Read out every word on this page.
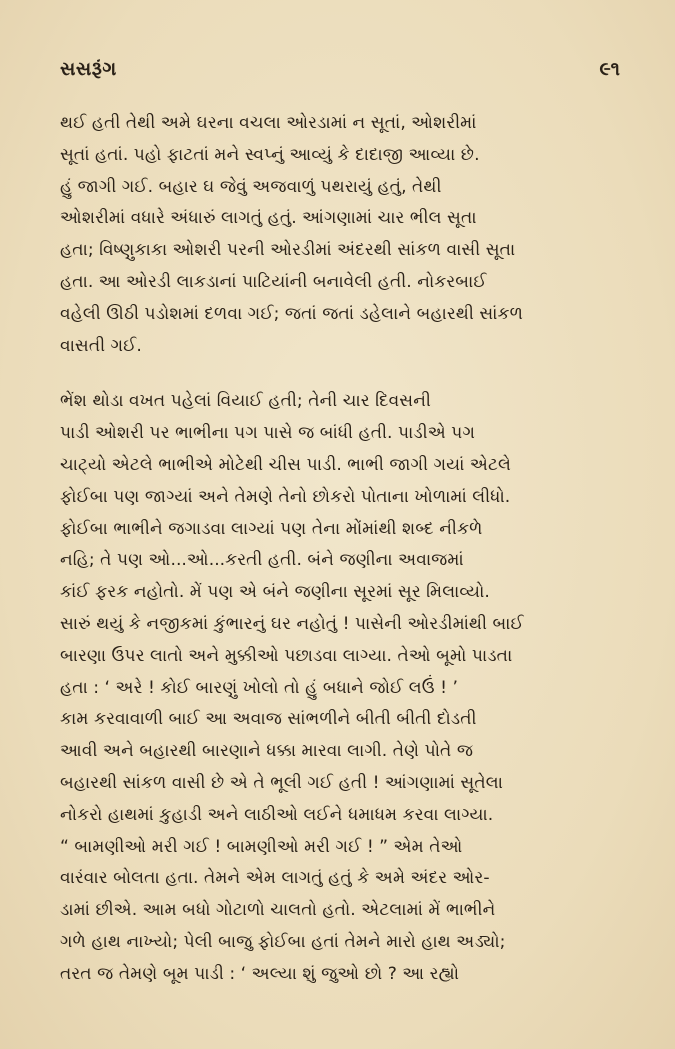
સસરૂંગ	૯૧
થઈ હતી તેથી અમે ઘરના વચલા ઓરડામાં ન સૂતાં, ઓશરીમાં
સૂતાં હતાં. પહો ફાટતાં મને સ્વપ્નું આવ્યું કે દાદાજી આવ્યા છે.
હું જાગી ગઈ. બહાર ઘ જેવું અજવાળું પથરાયું હતું, તેથી
ઓશરીમાં વધારે અંધારું લાગતું હતું. આંગણામાં ચાર ભીલ સૂતા
હતા; વિષ્ણુકાકા ઓશરી પરની ઓરડીમાં અંદરથી સાંકળ વાસી સૂતા
હતા. આ ઓરડી લાકડાનાં પાટિયાંની બનાવેલી હતી. નોકરબાઈ
વહેલી ઊઠી પડોશમાં દળવા ગઈ; જતાં જતાં ડહેલાને બહારથી સાંકળ
વાસતી ગઈ.
ભેંશ થોડા વખત પહેલાં વિયાઈ હતી; તેની ચાર દિવસની
પાડી ઓશરી પર ભાભીના પગ પાસે જ બાંધી હતી. પાડીએ પગ
ચાટ્યો એટલે ભાભીએ મોટેથી ચીસ પાડી. ભાભી જાગી ગયાં એટલે
ફોઈબા પણ જાગ્યાં અને તેમણે તેનો છોકરો પોતાના ખોળામાં લીધો.
ફોઈબા ભાભીને જગાડવા લાગ્યાં પણ તેના મોંમાંથી શબ્દ નીકળે
નહિ; તે પણ ઓ...ઓ...કરતી હતી. બંને જણીના અવાજમાં
કાંઈ ફરક નહોતો. મેં પણ એ બંને જણીના સૂરમાં સૂર મિલાવ્યો.
સારું થયું કે નજીકમાં કુંભારનું ઘર નહોતું ! પાસેની ઓરડીમાંથી બાઈ
બારણા ઉપર લાતો અને મુક્કીઓ પછાડવા લાગ્યા. તેઓ બૂમો પાડતા
હતા : ‘ અરે ! કોઈ બારણું ખોલો તો હું બધાને જોઈ લઉં ! ’
કામ કરવાવાળી બાઈ આ અવાજ સાંભળીને બીતી બીતી દોડતી
આવી અને બહારથી બારણાને ધક્કા મારવા લાગી. તેણે પોતે જ
બહારથી સાંકળ વાસી છે એ તે ભૂલી ગઈ હતી ! આંગણામાં સૂતેલા
નોકરો હાથમાં કુહાડી અને લાઠીઓ લઈને ધમાધમ કરવા લાગ્યા.
“ બામણીઓ મરી ગઈ ! બામણીઓ મરી ગઈ ! ” એમ તેઓ
વારંવાર બોલતા હતા. તેમને એમ લાગતું હતું કે અમે અંદર ઓર-
ડામાં છીએ. આમ બધો ગોટાળો ચાલતો હતો. એટલામાં મેં ભાભીને
ગળે હાથ નાખ્યો; પેલી બાજુ ફોઈબા હતાં તેમને મારો હાથ અડ્યો;
તરત જ તેમણે બૂમ પાડી : ‘ અલ્યા શું જુઓ છો ? આ રહ્યો
